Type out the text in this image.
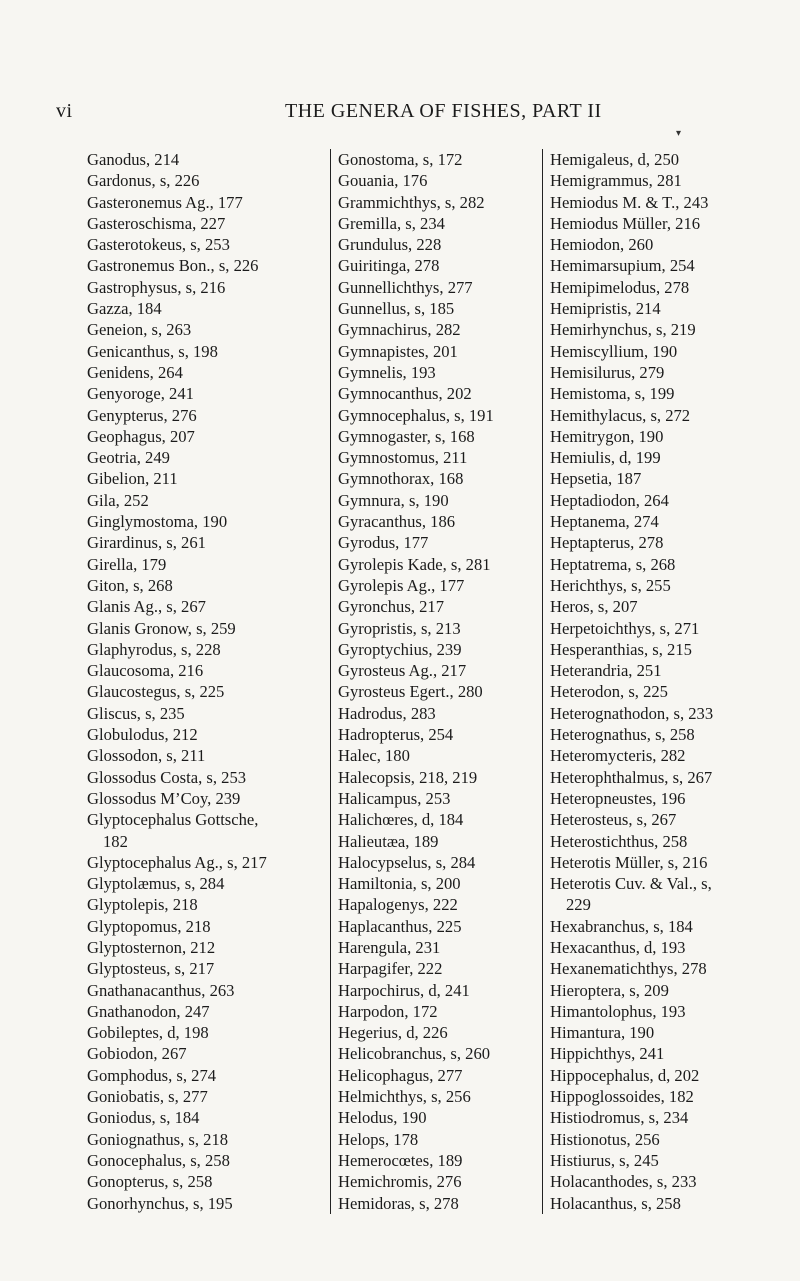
vi	THE GENERA OF FISHES, PART II
▾
Ganodus, 214
Gardonus, s, 226
Gasteronemus Ag., 177
Gasteroschisma, 227
Gasterotokeus, s, 253
Gastronemus Bon., s, 226
Gastrophysus, s, 216
Gazza, 184
Geneion, s, 263
Genicanthus, s, 198
Genidens, 264
Genyoroge, 241
Genypterus, 276
Geophagus, 207
Geotria, 249
Gibelion, 211
Gila, 252
Ginglymostoma, 190
Girardinus, s, 261
Girella, 179
Giton, s, 268
Glanis Ag., s, 267
Glanis Gronow, s, 259
Glaphyrodus, s, 228
Glaucosoma, 216
Glaucostegus, s, 225
Gliscus, s, 235
Globulodus, 212
Glossodon, s, 211
Glossodus Costa, s, 253
Glossodus M’Coy, 239
Glyptocephalus Gottsche,
182
Glyptocephalus Ag., s, 217
Glyptolæmus, s, 284
Glyptolepis, 218
Glyptopomus, 218
Glyptosternon, 212
Glyptosteus, s, 217
Gnathanacanthus, 263
Gnathanodon, 247
Gobileptes, d, 198
Gobiodon, 267
Gomphodus, s, 274
Goniobatis, s, 277
Goniodus, s, 184
Goniognathus, s, 218
Gonocephalus, s, 258
Gonopterus, s, 258
Gonorhynchus, s, 195
Gonostoma, s, 172
Gouania, 176
Grammichthys, s, 282
Gremilla, s, 234
Grundulus, 228
Guiritinga, 278
Gunnellichthys, 277
Gunnellus, s, 185
Gymnachirus, 282
Gymnapistes, 201
Gymnelis, 193
Gymnocanthus, 202
Gymnocephalus, s, 191
Gymnogaster, s, 168
Gymnostomus, 211
Gymnothorax, 168
Gymnura, s, 190
Gyracanthus, 186
Gyrodus, 177
Gyrolepis Kade, s, 281
Gyrolepis Ag., 177
Gyronchus, 217
Gyropristis, s, 213
Gyroptychius, 239
Gyrosteus Ag., 217
Gyrosteus Egert., 280
Hadrodus, 283
Hadropterus, 254
Halec, 180
Halecopsis, 218, 219
Halicampus, 253
Halichœres, d, 184
Halieutæa, 189
Halocypselus, s, 284
Hamiltonia, s, 200
Hapalogenys, 222
Haplacanthus, 225
Harengula, 231
Harpagifer, 222
Harpochirus, d, 241
Harpodon, 172
Hegerius, d, 226
Helicobranchus, s, 260
Helicophagus, 277
Helmichthys, s, 256
Helodus, 190
Helops, 178
Hemerocœtes, 189
Hemichromis, 276
Hemidoras, s, 278
Hemigaleus, d, 250
Hemigrammus, 281
Hemiodus M. & T., 243
Hemiodus Müller, 216
Hemiodon, 260
Hemimarsupium, 254
Hemipimelodus, 278
Hemipristis, 214
Hemirhynchus, s, 219
Hemiscyllium, 190
Hemisilurus, 279
Hemistoma, s, 199
Hemithylacus, s, 272
Hemitrygon, 190
Hemiulis, d, 199
Hepsetia, 187
Heptadiodon, 264
Heptanema, 274
Heptapterus, 278
Heptatrema, s, 268
Herichthys, s, 255
Heros, s, 207
Herpetoichthys, s, 271
Hesperanthias, s, 215
Heterandria, 251
Heterodon, s, 225
Heterognathodon, s, 233
Heterognathus, s, 258
Heteromycteris, 282
Heterophthalmus, s, 267
Heteropneustes, 196
Heterosteus, s, 267
Heterostichthus, 258
Heterotis Müller, s, 216
Heterotis Cuv. & Val., s,
229
Hexabranchus, s, 184
Hexacanthus, d, 193
Hexanematichthys, 278
Hieroptera, s, 209
Himantolophus, 193
Himantura, 190
Hippichthys, 241
Hippocephalus, d, 202
Hippoglossoides, 182
Histiodromus, s, 234
Histionotus, 256
Histiurus, s, 245
Holacanthodes, s, 233
Holacanthus, s, 258
